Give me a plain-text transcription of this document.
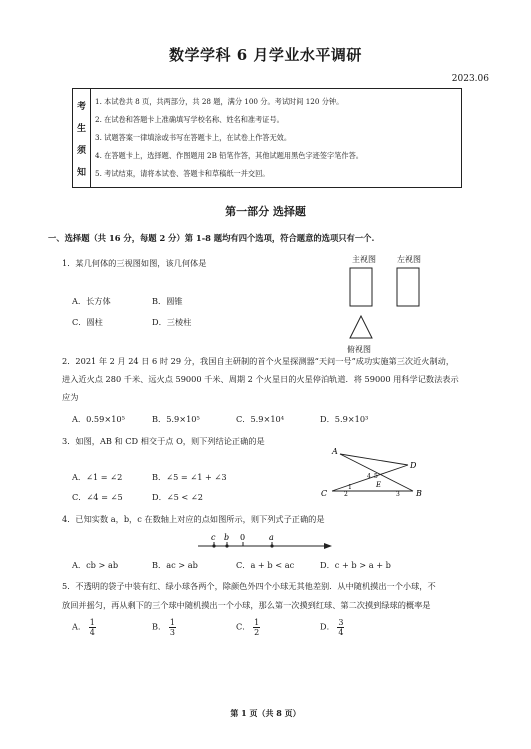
数学学科 6 月学业水平调研
2023.06
考
生
须
知
1. 本试卷共 8 页，共两部分，共 28 题，满分 100 分。考试时间 120 分钟。
2. 在试卷和答题卡上准确填写学校名称、姓名和准考证号。
3. 试题答案一律填涂或书写在答题卡上，在试卷上作答无效。
4. 在答题卡上，选择题、作图题用 2B 铅笔作答，其他试题用黑色字迹签字笔作答。
5. 考试结束，请将本试卷、答题卡和草稿纸一并交回。
第一部分 选择题
一、选择题（共 16 分，每题 2 分）第 1-8 题均有四个选项，符合题意的选项只有一个.
1．某几何体的三视图如图，该几何体是
A．长方体	B．圆锥
C．圆柱	D．三棱柱
主视图	左视图
俯视图
2．2021 年 2 月 24 日 6 时 29 分，我国自主研制的首个火星探测器“天问一号”成功实施第三次近火制动，
进入近火点 280 千米、远火点 59000 千米、周期 2 个火星日的火星停泊轨道．将 59000 用科学记数法表示
应为
A．0.59×10⁵	B．5.9×10⁵	C．5.9×10⁴	D．5.9×10³
3．如图，AB 和 CD 相交于点 O，则下列结论正确的是
A．∠1 = ∠2	B．∠5 = ∠1 + ∠3
C．∠4 = ∠5	D．∠5 < ∠2
A
B
C
D
E
1
2	3
4 5
4．已知实数 a，b，c 在数轴上对应的点如图所示，则下列式子正确的是
c b 0	a
A．cb > ab	B．ac > ab	C．a + b < ac	D．c + b > a + b
5．不透明的袋子中装有红、绿小球各两个，除颜色外四个小球无其他差别．从中随机摸出一个小球，不
放回并摇匀，再从剩下的三个球中随机摸出一个小球，那么第一次摸到红球、第二次摸到绿球的概率是
A． $\frac{1}{4}$	B． $\frac{1}{3}$	C． $\frac{1}{2}$	D． $\frac{3}{4}$
第 1 页（共 8 页）
